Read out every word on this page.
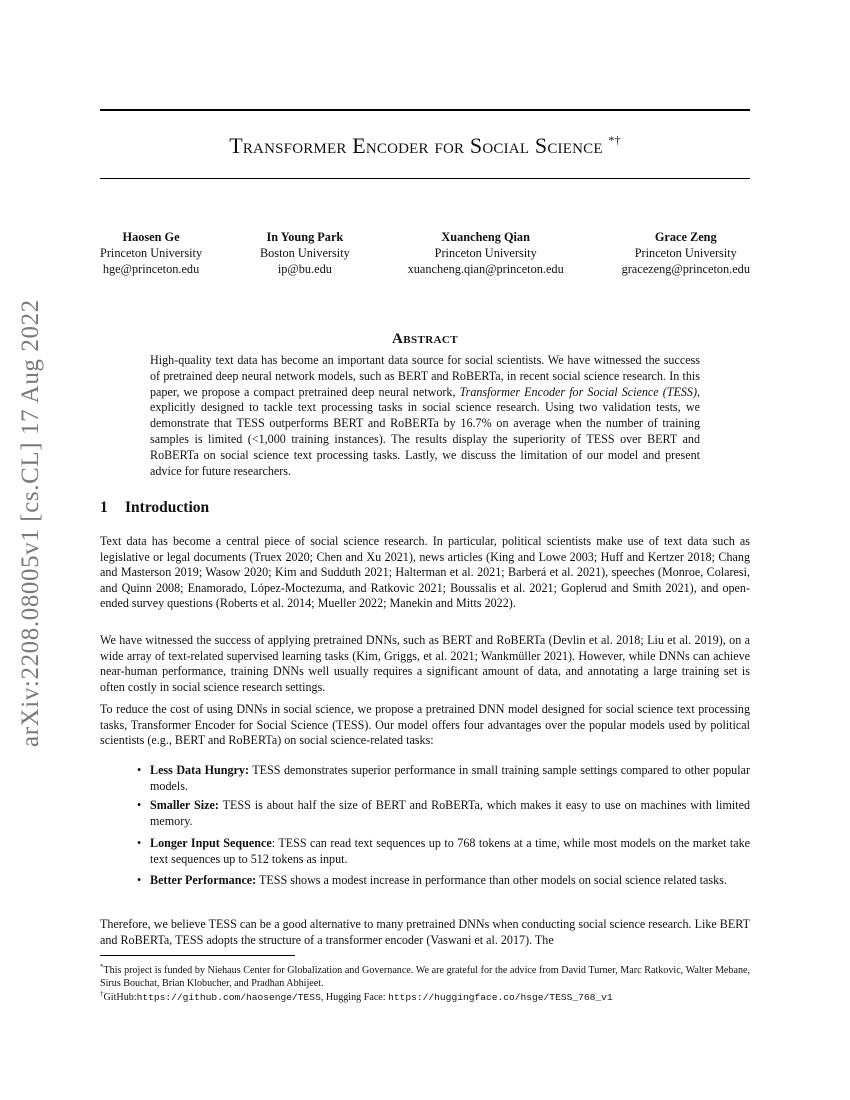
arXiv:2208.08005v1 [cs.CL] 17 Aug 2022
Transformer Encoder for Social Science *†
Haosen Ge
Princeton University
hge@princeton.edu
In Young Park
Boston University
ip@bu.edu
Xuancheng Qian
Princeton University
xuancheng.qian@princeton.edu
Grace Zeng
Princeton University
gracezeng@princeton.edu
Abstract
High-quality text data has become an important data source for social scientists. We have witnessed the success of pretrained deep neural network models, such as BERT and RoBERTa, in recent social science research. In this paper, we propose a compact pretrained deep neural network, Transformer Encoder for Social Science (TESS), explicitly designed to tackle text processing tasks in social science research. Using two validation tests, we demonstrate that TESS outperforms BERT and RoBERTa by 16.7% on average when the number of training samples is limited (<1,000 training instances). The results display the superiority of TESS over BERT and RoBERTa on social science text processing tasks. Lastly, we discuss the limitation of our model and present advice for future researchers.
1 Introduction
Text data has become a central piece of social science research. In particular, political scientists make use of text data such as legislative or legal documents (Truex 2020; Chen and Xu 2021), news articles (King and Lowe 2003; Huff and Kertzer 2018; Chang and Masterson 2019; Wasow 2020; Kim and Sudduth 2021; Halterman et al. 2021; Barberá et al. 2021), speeches (Monroe, Colaresi, and Quinn 2008; Enamorado, López-Moctezuma, and Ratkovic 2021; Boussalis et al. 2021; Goplerud and Smith 2021), and open-ended survey questions (Roberts et al. 2014; Mueller 2022; Manekin and Mitts 2022).
We have witnessed the success of applying pretrained DNNs, such as BERT and RoBERTa (Devlin et al. 2018; Liu et al. 2019), on a wide array of text-related supervised learning tasks (Kim, Griggs, et al. 2021; Wankmüller 2021). However, while DNNs can achieve near-human performance, training DNNs well usually requires a significant amount of data, and annotating a large training set is often costly in social science research settings.
To reduce the cost of using DNNs in social science, we propose a pretrained DNN model designed for social science text processing tasks, Transformer Encoder for Social Science (TESS). Our model offers four advantages over the popular models used by political scientists (e.g., BERT and RoBERTa) on social science-related tasks:
• Less Data Hungry: TESS demonstrates superior performance in small training sample settings compared to other popular models.
• Smaller Size: TESS is about half the size of BERT and RoBERTa, which makes it easy to use on machines with limited memory.
• Longer Input Sequence: TESS can read text sequences up to 768 tokens at a time, while most models on the market take text sequences up to 512 tokens as input.
• Better Performance: TESS shows a modest increase in performance than other models on social science related tasks.
Therefore, we believe TESS can be a good alternative to many pretrained DNNs when conducting social science research. Like BERT and RoBERTa, TESS adopts the structure of a transformer encoder (Vaswani et al. 2017). The
*This project is funded by Niehaus Center for Globalization and Governance. We are grateful for the advice from David Turner, Marc Ratkovic, Walter Mebane, Sirus Bouchat, Brian Klobucher, and Pradhan Abhijeet.
†GitHub:https://github.com/haosenge/TESS, Hugging Face: https://huggingface.co/hsge/TESS_768_v1
